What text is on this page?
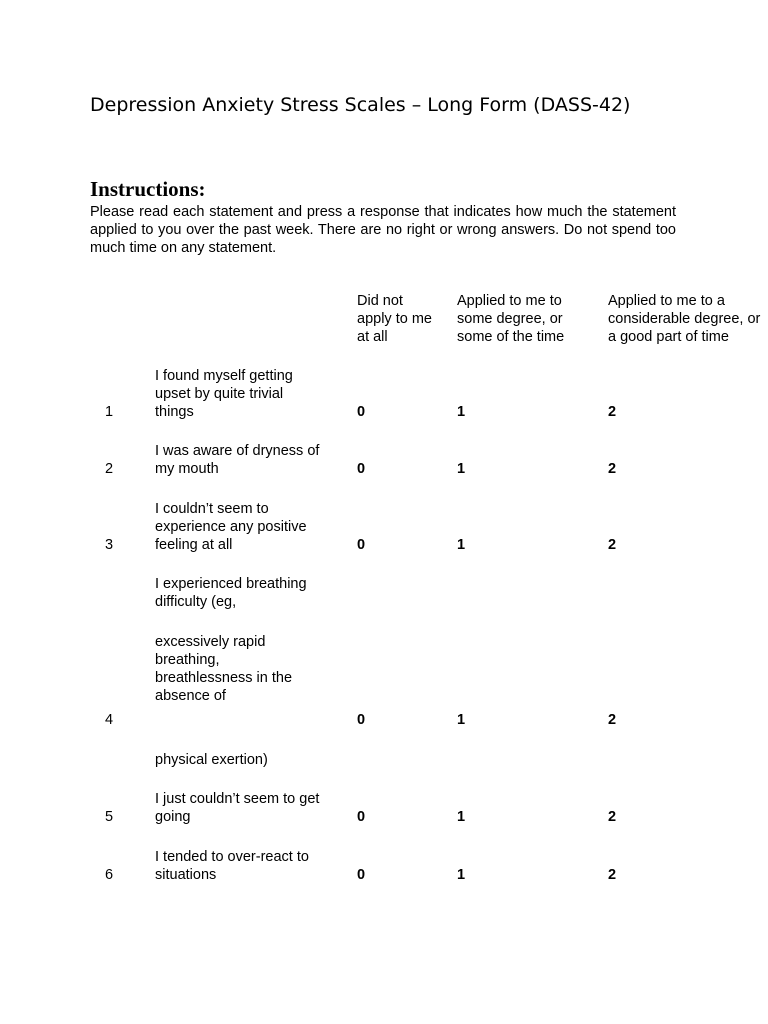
Depression Anxiety Stress Scales – Long Form (DASS-42)
Instructions:
Please read each statement and press a response that indicates how much the statement applied to you over the past week. There are no right or wrong answers. Do not spend too much time on any statement.
Did not apply to me at all
Applied to me to some degree, or some of the time
Applied to me to a considerable degree, or a good part of time
1
I found myself getting upset by quite trivial things	0	1	2
2
I was aware of dryness of my mouth	0	1	2
3
I couldn’t seem to experience any positive feeling at all	0	1	2
4
I experienced breathing difficulty (eg,
excessively rapid breathing, breathlessness in the absence of
physical exertion)
0	1	2
5
I just couldn’t seem to get going	0	1	2
6
I tended to over-react to situations	0	1	2
